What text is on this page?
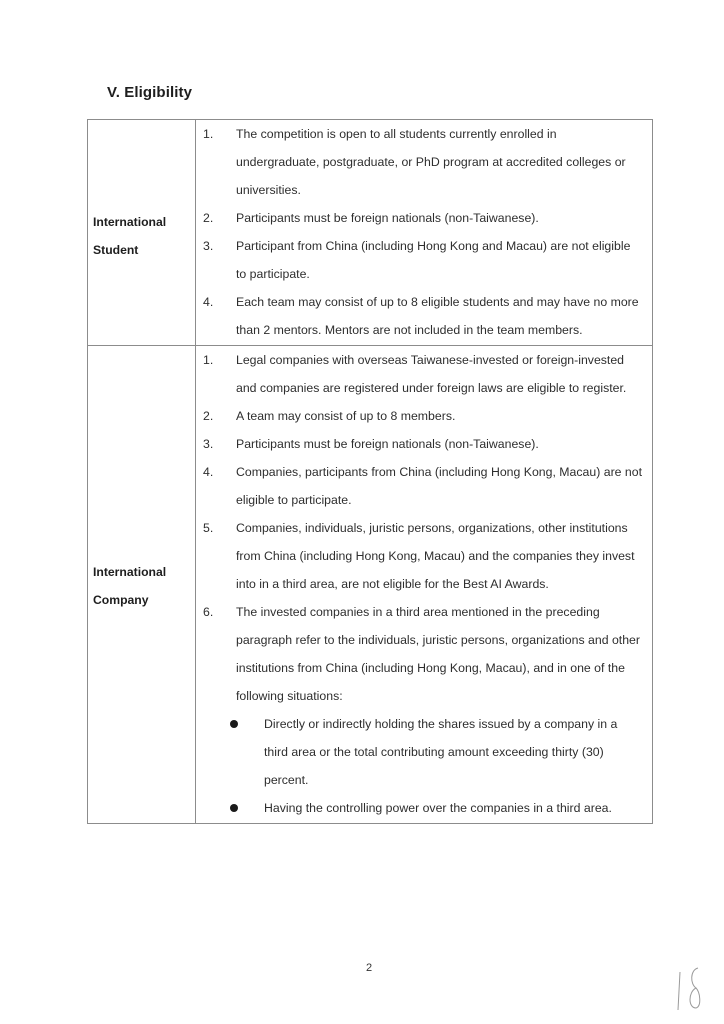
V. Eligibility
International
Student

1.	The competition is open to all students currently enrolled in undergraduate, postgraduate, or PhD program at accredited colleges or universities.
2.	Participants must be foreign nationals (non-Taiwanese).
3.	Participant from China (including Hong Kong and Macau) are not eligible to participate.
4.	Each team may consist of up to 8 eligible students and may have no more than 2 mentors. Mentors are not included in the team members.

International
Company

1.	Legal companies with overseas Taiwanese-invested or foreign-invested and companies are registered under foreign laws are eligible to register.
2.	A team may consist of up to 8 members.
3.	Participants must be foreign nationals (non-Taiwanese).
4.	Companies, participants from China (including Hong Kong, Macau) are not eligible to participate.
5.	Companies, individuals, juristic persons, organizations, other institutions from China (including Hong Kong, Macau) and the companies they invest into in a third area, are not eligible for the Best AI Awards.
6.	The invested companies in a third area mentioned in the preceding paragraph refer to the individuals, juristic persons, organizations and other institutions from China (including Hong Kong, Macau), and in one of the following situations:
Directly or indirectly holding the shares issued by a company in a third area or the total contributing amount exceeding thirty (30) percent.
Having the controlling power over the companies in a third area.
2
